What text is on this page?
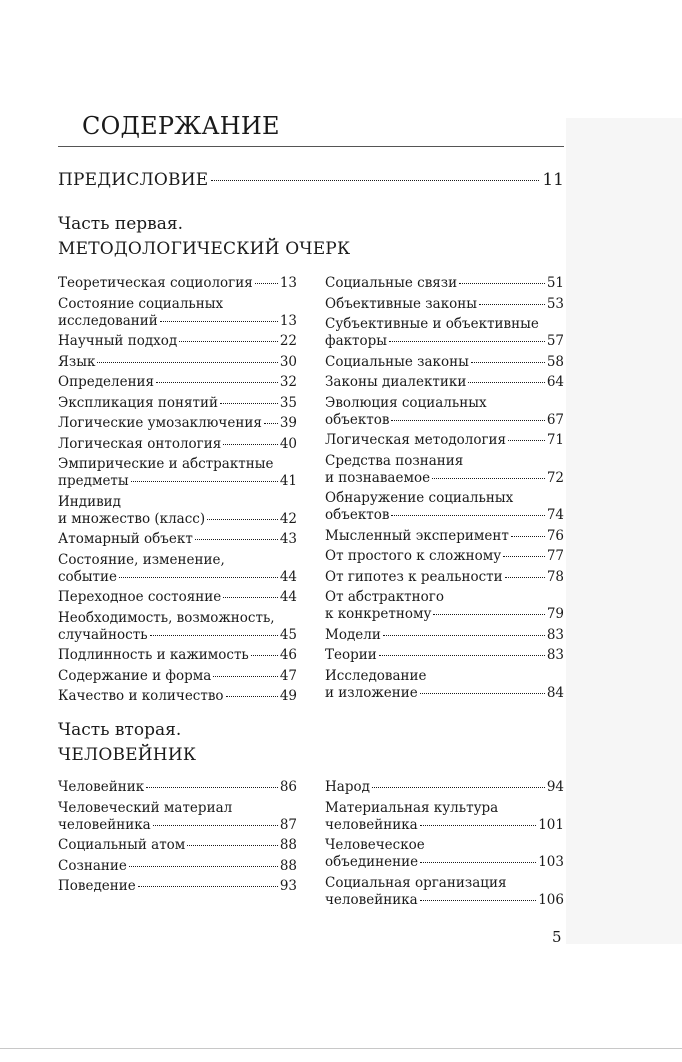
СОДЕРЖАНИЕ
ПРЕДИСЛОВИЕ	11
Часть первая.
МЕТОДОЛОГИЧЕСКИЙ ОЧЕРК
Теоретическая социология 13
Состояние социальных
исследований	13
Научный подход	22
Язык	30
Определения	32
Экспликация понятий	35
Логические умозаключения 39
Логическая онтология	40
Эмпирические и абстрактные
предметы	41
Индивид
и множество (класс)	42
Атомарный объект	43
Состояние, изменение,
событие	44
Переходное состояние	44
Необходимость, возможность,
случайность	45
Подлинность и кажимость 46
Содержание и форма	47
Качество и количество	49
Социальные связи	51
Объективные законы	53
Субъективные и объективные
факторы	57
Социальные законы	58
Законы диалектики	64
Эволюция социальных
объектов	67
Логическая методология	71
Средства познания
и познаваемое	72
Обнаружение социальных
объектов	74
Мысленный эксперимент	76
От простого к сложному	77
От гипотез к реальности	78
От абстрактного
к конкретному	79
Модели	83
Теории	83
Исследование
и изложение	84
Часть вторая.
ЧЕЛОВЕЙНИК
Человейник	86
Человеческий материал
человейника	87
Социальный атом	88
Сознание	88
Поведение	93
Народ	94
Материальная культура
человейника	101
Человеческое
объединение	103
Социальная организация
человейника	106
5
